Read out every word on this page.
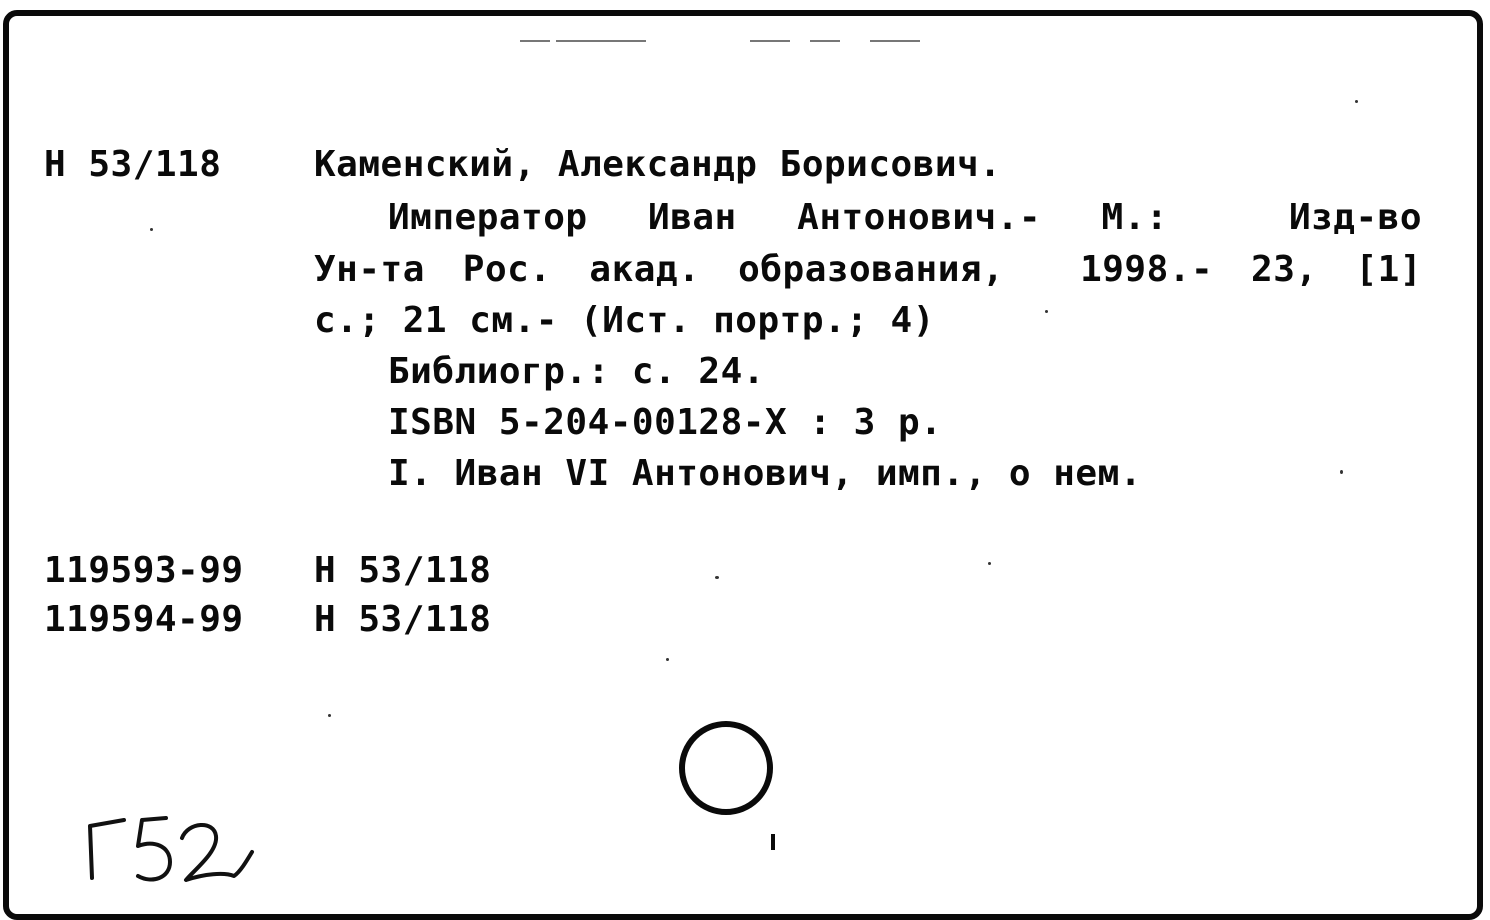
Н 53/118	Каменский, Александр Борисович.
Император Иван Антонович.- М.:  Изд-во
Ун-та Рос. акад. образования,  1998.- 23, [1]
с.; 21 см.- (Ист. портр.; 4)
Библиогр.: с. 24.
ISBN 5-204-00128-X : 3 р.
I. Иван VI Антонович, имп., о нем.
119593-99 Н 53/118
119594-99 Н 53/118
